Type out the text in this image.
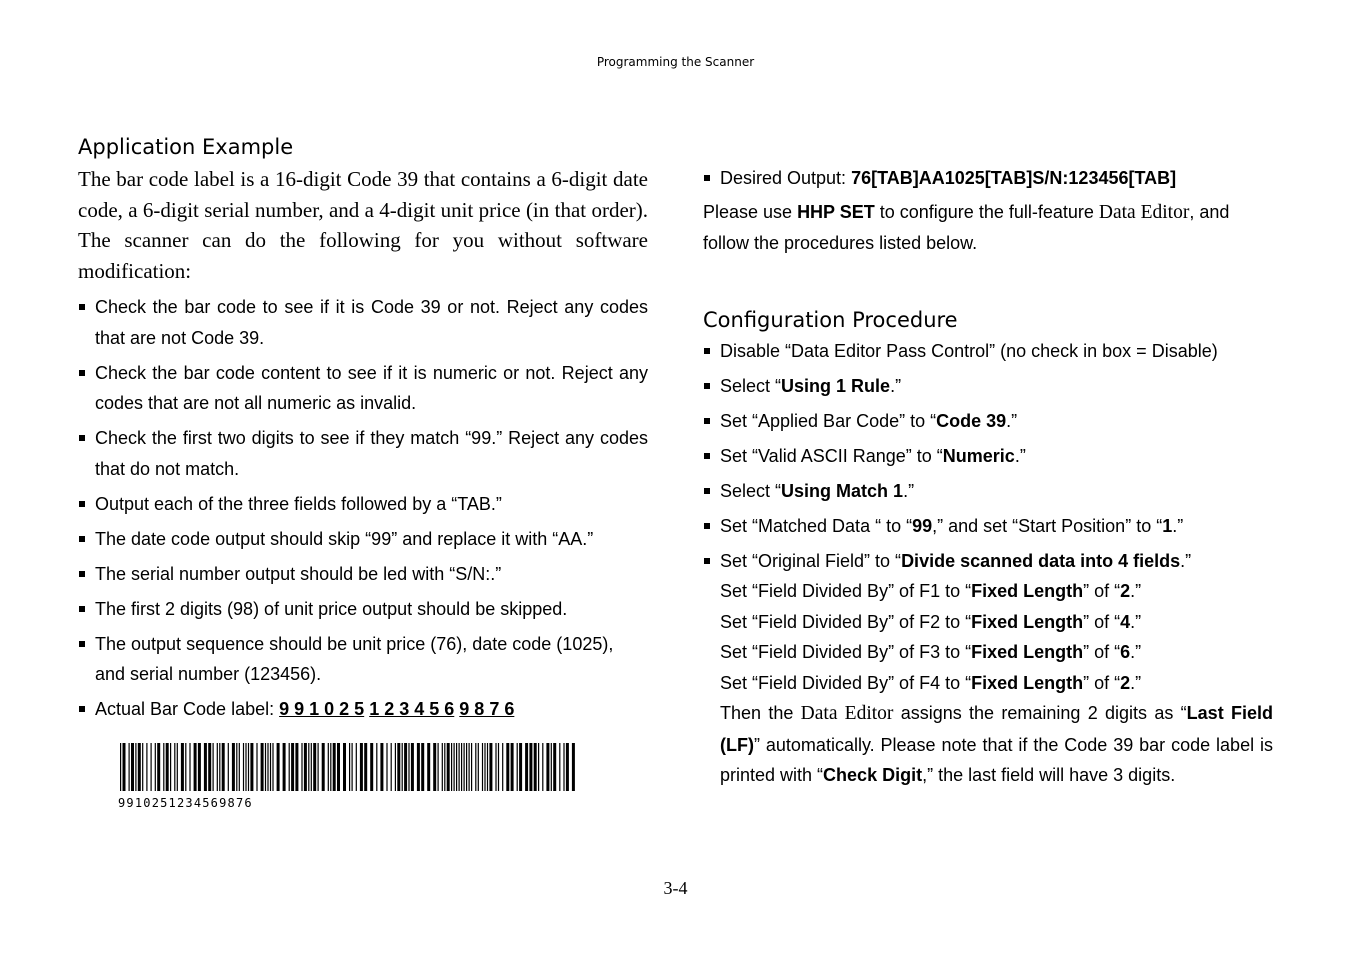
Programming the Scanner
Application Example

The bar code label is a 16-digit Code 39 that contains a 6-digit date code, a 6-digit serial number, and a 4-digit unit price (in that order). The scanner can do the following for you without software modification:

Check the bar code to see if it is Code 39 or not. Reject any codes that are not Code 39.
Check the bar code content to see if it is numeric or not. Reject any codes that are not all numeric as invalid.
Check the first two digits to see if they match “99.” Reject any codes that do not match.
Output each of the three fields followed by a “TAB.”
The date code output should skip “99” and replace it with “AA.”
The serial number output should be led with “S/N:.”
The first 2 digits (98) of unit price output should be skipped.
The output sequence should be unit price (76), date code (1025), and serial number (123456).
Actual Bar Code label: 9 9 1 0 2 5 1 2 3 4 5 6 9 8 7 6
9910251234569876
Desired Output: 76[TAB]AA1025[TAB]S/N:123456[TAB]

Please use HHP SET to configure the full-feature Data Editor, and follow the procedures listed below.

Configuration Procedure
Disable “Data Editor Pass Control” (no check in box = Disable)
Select “Using 1 Rule.”
Set “Applied Bar Code” to “Code 39.”
Set “Valid ASCII Range” to “Numeric.”
Select “Using Match 1.”
Set “Matched Data “ to “99,” and set “Start Position” to “1.”
Set “Original Field” to “Divide scanned data into 4 fields.”
Set “Field Divided By” of F1 to “Fixed Length” of “2.”
Set “Field Divided By” of F2 to “Fixed Length” of “4.”
Set “Field Divided By” of F3 to “Fixed Length” of “6.”
Set “Field Divided By” of F4 to “Fixed Length” of “2.”
Then the Data Editor assigns the remaining 2 digits as “Last Field (LF)” automatically. Please note that if the Code 39 bar code label is printed with “Check Digit,” the last field will have 3 digits.
3-4
